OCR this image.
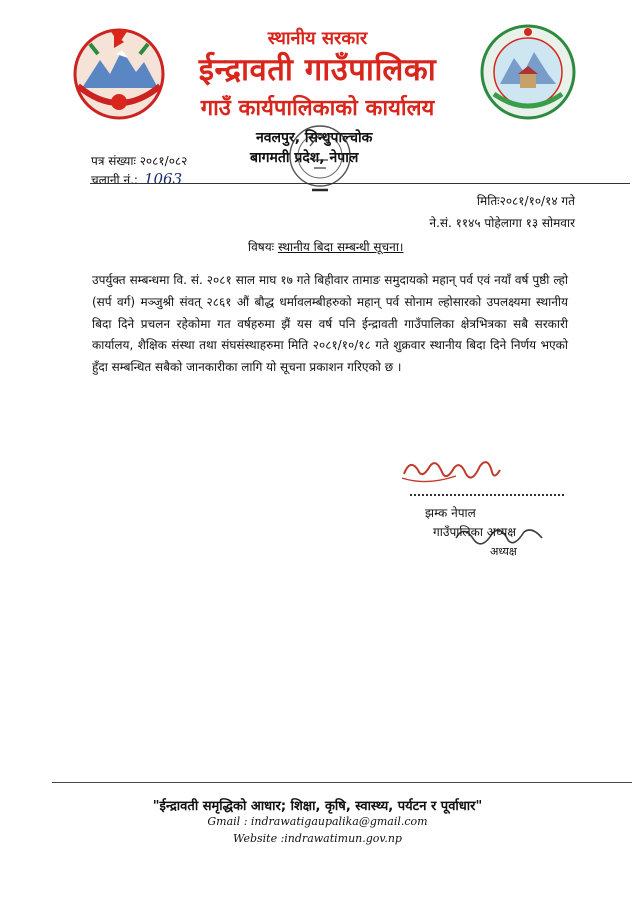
स्थानीय सरकार
ईन्द्रावती गाउँपालिका
गाउँ कार्यपालिकाको कार्यालय
नवलपुर, सिन्धुपाल्चोक
बागमती प्रदेश, नेपाल
पत्र संख्याः २०८१/०८२
चलानी नं.: 1063
मितिः२०८१/१०/१४ गते
ने.सं. ११४५ पोहेलागा १३ सोमवार
विषयः स्थानीय बिदा सम्बन्धी सूचना।
उपर्युक्त सम्बन्धमा वि. सं. २०८१ साल माघ १७ गते बिहीवार तामाङ समुदायको महान् पर्व एवं नयाँ वर्ष पुष्ठी ल्हो (सर्प वर्ग) मञ्जुश्री संवत् २८६१ औं बौद्ध धर्मावलम्बीहरुको महान् पर्व सोनाम ल्होसारको उपलक्ष्यमा स्थानीय बिदा दिने प्रचलन रहेकोमा गत वर्षहरुमा झैं यस वर्ष पनि ईन्द्रावती गाउँपालिका क्षेत्रभित्रका सबै सरकारी कार्यालय, शैक्षिक संस्था तथा संघसंस्थाहरुमा मिति २०८१/१०/१८ गते शुक्रवार स्थानीय बिदा दिने निर्णय भएको हुँदा सम्बन्धित सबैको जानकारीका लागि यो सूचना प्रकाशन गरिएको छ ।
झम्क नेपाल
गाउँपालिका अध्यक्ष
अध्यक्ष
"ईन्द्रावती समृद्धिको आधार; शिक्षा, कृषि, स्वास्थ्य, पर्यटन र पूर्वाधार"
Gmail : indrawatigaupalika@gmail.com
Website :indrawatimun.gov.np
